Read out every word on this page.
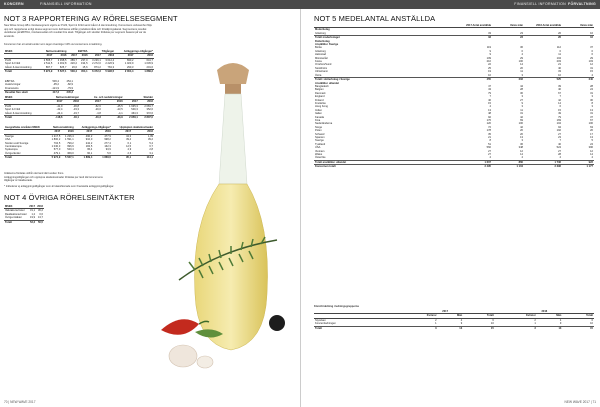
KONCERN	FINANSIELL INFORMATION
NOT 3 RAPPORTERING AV RÖRELSESEGMENT
New Wave Group AB:s rörelsesegment utgörs av Profil, Sport & Fritid samt Gåvor & Heminredning. Koncernens verksamhet följs upp och rapporteras enligt dessa segment som definieras utifrån produktområde och försäljningskanal. Segmentens resultat utvärderas på EBITDA, rörelseresultat och resultat före skatt. Tillgångar och skulder fördelas per segment baserat på var de används.
Koncernen har ett antal kunder som tagen överstiger 10% av koncernens omsättning.
MSEK	Nettoomsättning		EBITDA		Tillgångar		Anläggnings-tillgångar*	
	2017	2016	2017	2016	2017	2016	2017	2016
Profil	2 565,7	2 398,5	289,7	237,0	3 226,1	3 012,4	690,2	641,7
Sport & Fritid	2 511,5	2 302,8	220,2	194,5	2 272,0	2 220,9	1 023,9	1 045,9
Gåvor & Heminredning	897,7	825,7	26,6	15,6	874,2	763,3	290,3	201,6
Totalt	5 974,9	5 527,1	536,4	454,1	6 372,3	5 996,5	2 004,4	1 889,2
EBITDA	536,4	454,1
Avskrivningar	-95,2	-82,9
Finansnetto	-121,9	-79,9
Resultat före skatt	417,3	345,3
MSEK	Nettoomsättningar		Av- och nedskrivningar		Skulder	
	2017	2016	2017	2016	2017	2016
Profil	-41,9	-36,8	-52,6	-45,5	1 935,3	2 081,7
Sport & Fritid	-42,4	-33,3	-29,0	-23,5	549,3	352,6
Gåvor & Heminredning	-24,4	-19,7	-4,8	-4,1	464,3	372,6
Totalt	-118,6	-46,1	-40,3	-33,9	2 958,1	2 807,0
Geografiska områden MSEK	Nettoomsättning		Anläggnings-tillgångar*		Upplupten skattekostnader	
	2017	2016	2017	2016	2017	2016
Sverige	1 217,5	1 236,4	490,2	477,9	34,3	1,09
USA	1 800,2	1 591,1	910,0	998,2	39,4	39,2
Norden exkl Sverige	704,5	799,2	242,2	277,4	6,1	5,4
Centraleuropa	1 040,3	996,9	184,5	162,3	12,5	6,7
Sydeuropa	577,0	540,4	95,4	93,9	4,9	2,8
Övriga länder	479,1	369,0	60,1	5,6	2,6	3,1
Totalt	5 974,9	5 527,1	1 889,4	1 868,6	95,1	114,1
Intäkterna fördelas utifrån det land där kunden finns.
Anläggningstillgångar och upplupna skattekostnader fördelas per land där koncernens
tillgångar är lokaliserade.
* Inkluderar ej anläggningstillgångar som är klassificerade som finansiella anläggningstillgångar.
NOT 4 ÖVRIGA RÖRELSEINTÄKTER
MSEK	2017	2016
Valutakursvinster	31,1	36,2
Realisationsvinster	1,2	0,6
Övriga intäkter	19,9	13,7
Totalt	52,2	50,5
70 | NEW WAVE 2017
FINANSIELL INFORMATION FÖRVALTNING
NOT 5 MEDELANTAL ANSTÄLLDA
	2017 Antal anställda	Varav män	2016 Antal anställda	Varav män
Moderbolag				
Göteborg	33	23	26	16
Totalt moderbolaget	33	23	26	16
Dotterbolag				
Anställda i Sverige				
Borås	119	36	112	37
Göteborg	9	0	0	0
Halmstad	9	4	11	6
Mönsteråsl	109	29	104	29
Kosta	210	100	203	103
Orrefors/Sund	22	14	21	12
Stockholm	25	20	40	31
Ulricehamn	19	11	33	15
Östra	10	3	10	4
Totalt i dotterbolag i Sverige	455	202	525	240
Anställda i utlandet				
Bangladesh	47	44	39	28
Belgien	43	28	40	24
Danmark	79	30	67	31
England	7	3	7	3
Finland	46	27	42	30
Frankrike	15	9	14	8
Hong Kong	4	3	6	3
Indien	13	11	15	13
Italien	48	31	49	31
Kanada	92	42	79	37
Kina	176	69	169	67
Nederländerna	120	100	104	100
Norge	72	42	94	63
Polen	178	20	192	20
Schweiz	35	20	27	17
Spanien	21	13	23	13
Sverige	8	3	7	5
Tyskland	51	36	40	24
USA	560	348	524	396
Vietnam	27	12	27	12
Wales	27	14	28	14
Österrike	4	4	4	4
Totalt anställda i utlandet	1 607	860	1 736	922
Koncernen totalt	2 495	1 104	2 396	1 177
Könsfördelning i ledningsgrupperna
	2017			2016		
	Kvinnor	Män	Totalt	Kvinnor	Män	Totalt
Styrelsen	2	4	6	2	4	6
Koncernledningen	1	9	10	1	9	10
Totalt	3	13	15	3	13	15
NEW WAVE 2017 | 71
